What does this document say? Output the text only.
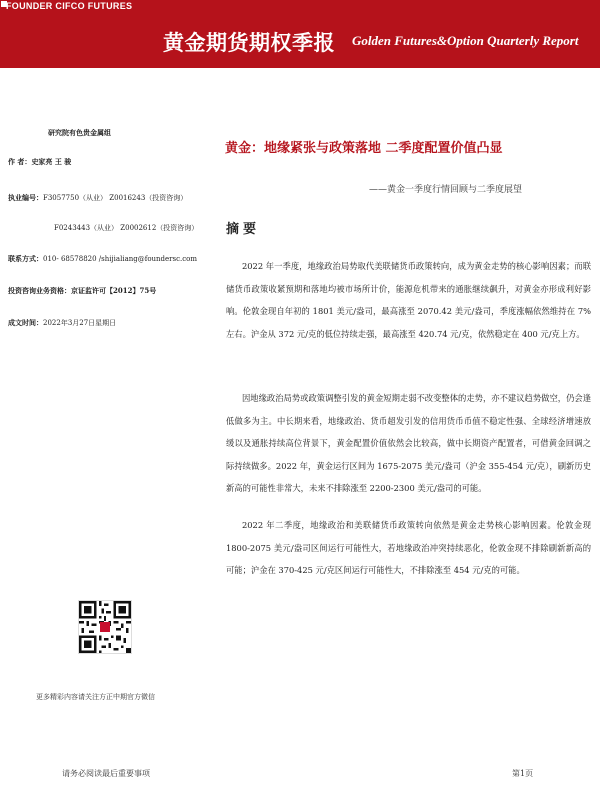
FOUNDER CIFCO FUTURES
黄金期货期权季报 Golden Futures&Option Quarterly Report
研究院有色贵金属组
作 者：史家亮 王 骏
执业编号：F3057750（从业） Z0016243（投资咨询）
F0243443（从业） Z0002612（投资咨询）
联系方式：010- 68578820 /shijialiang@foundersc.com
投资咨询业务资格：京证监许可【2012】75号
成文时间：2022年3月27日星期日
更多精彩内容请关注方正中期官方微信
黄金：地缘紧张与政策落地 二季度配置价值凸显
——黄金一季度行情回顾与二季度展望
摘要
2022 年一季度，地缘政治局势取代美联储货币政策转向，成为黄金走势的核心影响因素；而联储货币政策收紧预期和落地均被市场所计价，能源危机带来的通胀继续飙升，对黄金亦形成利好影响。伦敦金现自年初的 1801 美元/盎司，最高涨至 2070.42 美元/盎司，季度涨幅依然维持在 7%左右。沪金从 372 元/克的低位持续走强，最高涨至 420.74 元/克，依然稳定在 400 元/克上方。
因地缘政治局势或政策调整引发的黄金短期走弱不改变整体的走势，亦不建议趋势做空，仍会逢低做多为主。中长期来看，地缘政治、货币超发引发的信用货币币值不稳定性强、全球经济增速放缓以及通胀持续高位背景下，黄金配置价值依然会比较高，做中长期资产配置者，可借黄金回调之际持续做多。2022 年，黄金运行区间为 1675-2075 美元/盎司（沪金 355-454 元/克），刷新历史新高的可能性非常大，未来不排除涨至 2200-2300 美元/盎司的可能。
2022 年二季度，地缘政治和美联储货币政策转向依然是黄金走势核心影响因素。伦敦金现 1800-2075 美元/盎司区间运行可能性大，若地缘政治冲突持续恶化，伦敦金现不排除刷新新高的可能；沪金在 370-425 元/克区间运行可能性大，不排除涨至 454 元/克的可能。
请务必阅读最后重要事项	第1页
